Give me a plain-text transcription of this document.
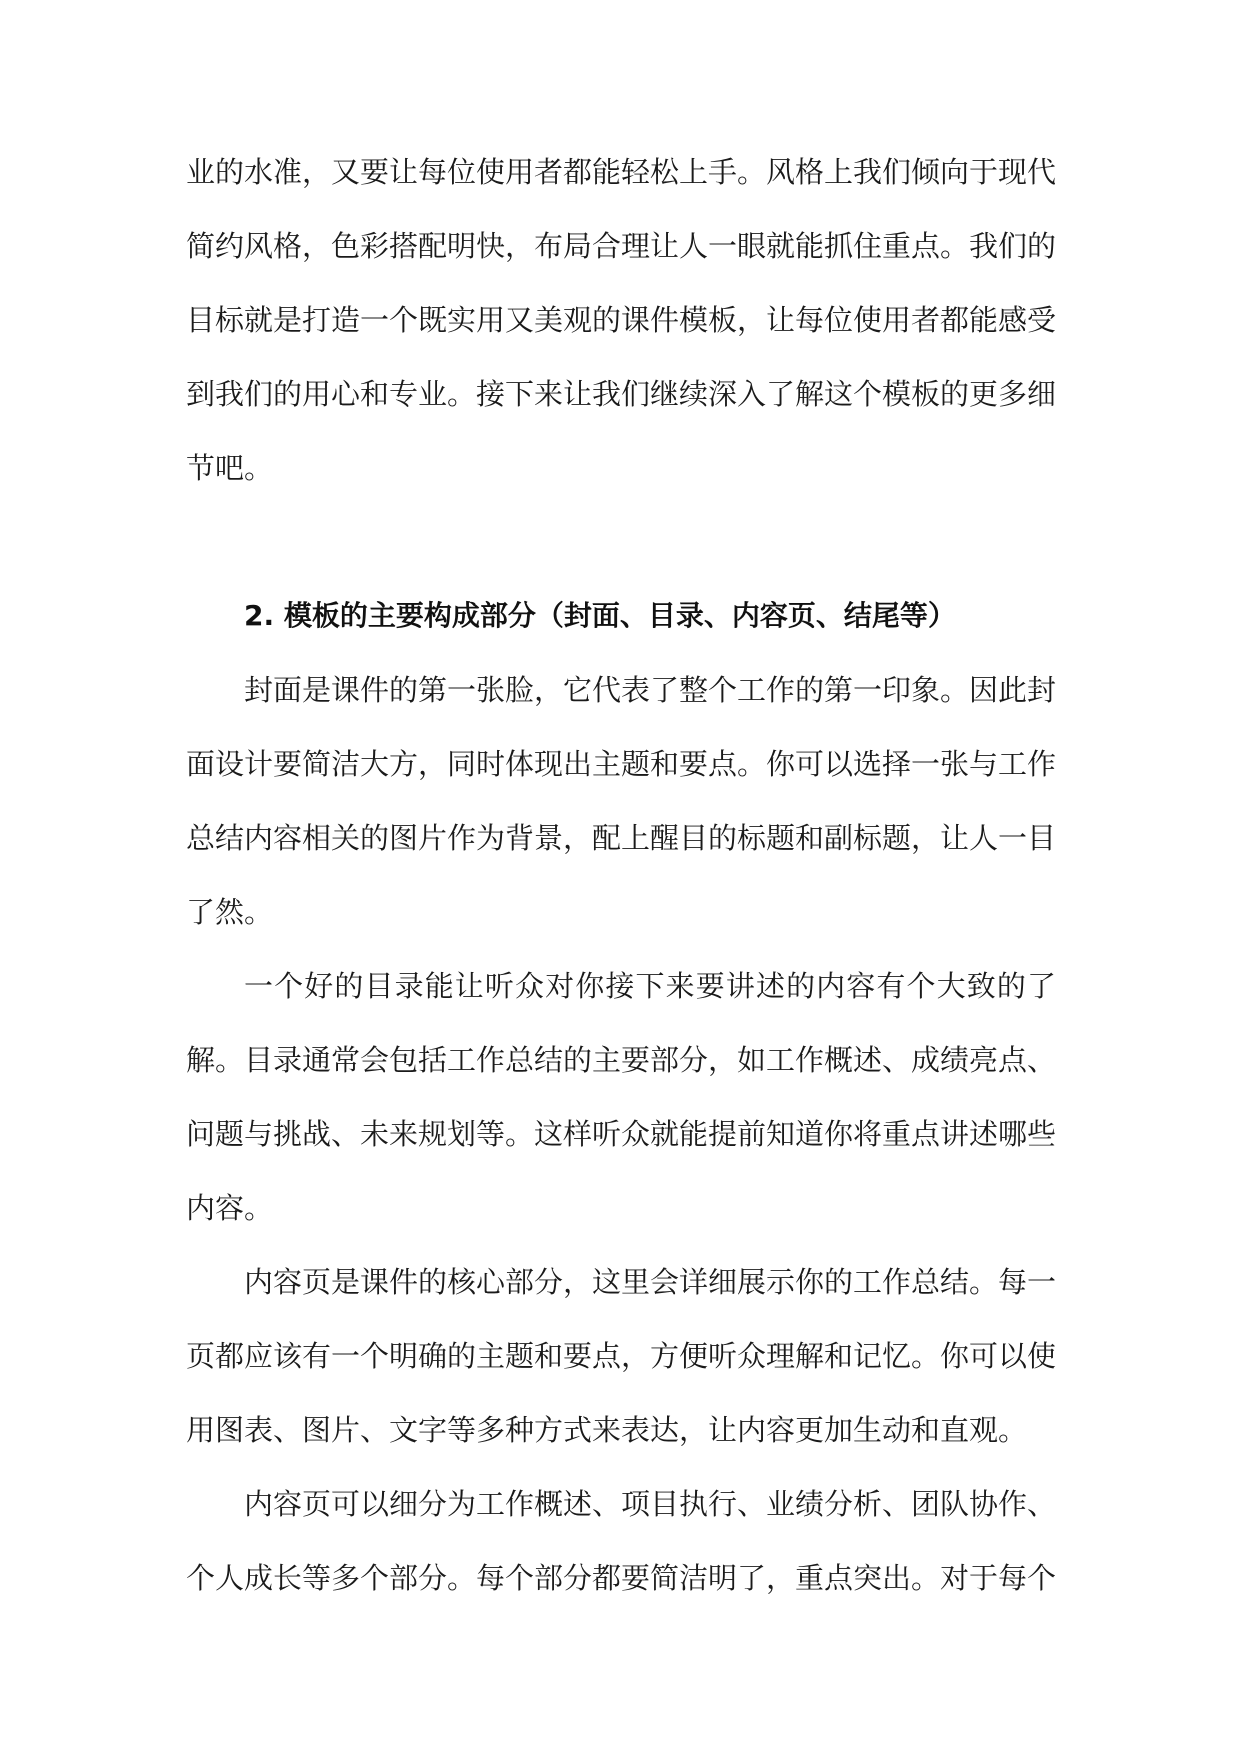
业的水准，又要让每位使用者都能轻松上手。风格上我们倾向于现代简约风格，色彩搭配明快，布局合理让人一眼就能抓住重点。我们的目标就是打造一个既实用又美观的课件模板，让每位使用者都能感受到我们的用心和专业。接下来让我们继续深入了解这个模板的更多细节吧。

2. 模板的主要构成部分（封面、目录、内容页、结尾等）

封面是课件的第一张脸，它代表了整个工作的第一印象。因此封面设计要简洁大方，同时体现出主题和要点。你可以选择一张与工作总结内容相关的图片作为背景，配上醒目的标题和副标题，让人一目了然。

一个好的目录能让听众对你接下来要讲述的内容有个大致的了解。目录通常会包括工作总结的主要部分，如工作概述、成绩亮点、问题与挑战、未来规划等。这样听众就能提前知道你将重点讲述哪些内容。

内容页是课件的核心部分，这里会详细展示你的工作总结。每一页都应该有一个明确的主题和要点，方便听众理解和记忆。你可以使用图表、图片、文字等多种方式来表达，让内容更加生动和直观。

内容页可以细分为工作概述、项目执行、业绩分析、团队协作、个人成长等多个部分。每个部分都要简洁明了，重点突出。对于每个
